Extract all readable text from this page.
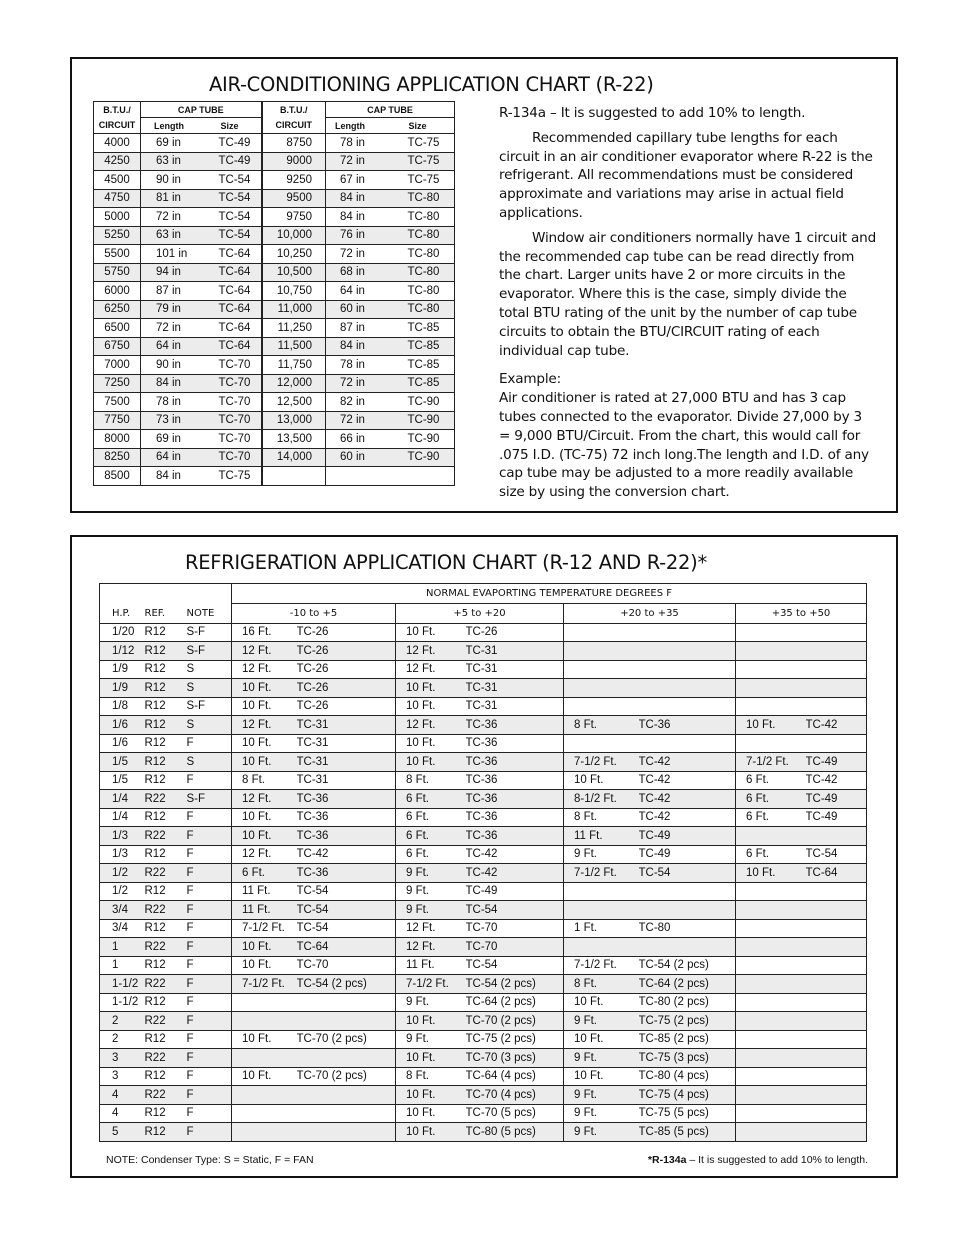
AIR-CONDITIONING APPLICATION CHART (R-22)
B.T.U./
CIRCUIT	CAP TUBE		B.T.U./
CIRCUIT	CAP TUBE	
	Length	Size		Length	Size
4000	69 in	TC-49	8750	78 in	TC-75
4250	63 in	TC-49	9000	72 in	TC-75
4500	90 in	TC-54	9250	67 in	TC-75
4750	81 in	TC-54	9500	84 in	TC-80
5000	72 in	TC-54	9750	84 in	TC-80
5250	63 in	TC-54	10,000	76 in	TC-80
5500	101 in	TC-64	10,250	72 in	TC-80
5750	94 in	TC-64	10,500	68 in	TC-80
6000	87 in	TC-64	10,750	64 in	TC-80
6250	79 in	TC-64	11,000	60 in	TC-80
6500	72 in	TC-64	11,250	87 in	TC-85
6750	64 in	TC-64	11,500	84 in	TC-85
7000	90 in	TC-70	11,750	78 in	TC-85
7250	84 in	TC-70	12,000	72 in	TC-85
7500	78 in	TC-70	12,500	82 in	TC-90
7750	73 in	TC-70	13,000	72 in	TC-90
8000	69 in	TC-70	13,500	66 in	TC-90
8250	64 in	TC-70	14,000	60 in	TC-90
8500	84 in	TC-75			

R-134a – It is suggested to add 10% to length.

Recommended capillary tube lengths for each circuit in an air conditioner evaporator where R-22 is the refrigerant. All recommendations must be considered approximate and variations may arise in actual field applications.

Window air conditioners normally have 1 circuit and the recommended cap tube can be read directly from the chart. Larger units have 2 or more circuits in the evaporator. Where this is the case, simply divide the total BTU rating of the unit by the number of cap tube circuits to obtain the BTU/CIRCUIT rating of each individual cap tube.

Example:
Air conditioner is rated at 27,000 BTU and has 3 cap tubes connected to the evaporator. Divide 27,000 by 3 = 9,000 BTU/Circuit. From the chart, this would call for .075 I.D. (TC-75) 72 inch long.The length and I.D. of any cap tube may be adjusted to a more readily available size by using the conversion chart.
REFRIGERATION APPLICATION CHART (R-12 AND R-22)*
			NORMAL EVAPORTING TEMPERATURE DEGREES F							
H.P.	REF.	NOTE	-10 to +5		+5 to +20		+20 to +35		+35 to +50	
1/20	R12	S-F	16 Ft.	TC-26	10 Ft.	TC-26				
1/12	R12	S-F	12 Ft.	TC-26	12 Ft.	TC-31				
1/9	R12	S	12 Ft.	TC-26	12 Ft.	TC-31				
1/9	R12	S	10 Ft.	TC-26	10 Ft.	TC-31				
1/8	R12	S-F	10 Ft.	TC-26	10 Ft.	TC-31				
1/6	R12	S	12 Ft.	TC-31	12 Ft.	TC-36	8 Ft.	TC-36	10 Ft.	TC-42
1/6	R12	F	10 Ft.	TC-31	10 Ft.	TC-36				
1/5	R12	S	10 Ft.	TC-31	10 Ft.	TC-36	7-1/2 Ft.	TC-42	7-1/2 Ft.	TC-49
1/5	R12	F	8 Ft.	TC-31	8 Ft.	TC-36	10 Ft.	TC-42	6 Ft.	TC-42
1/4	R22	S-F	12 Ft.	TC-36	6 Ft.	TC-36	8-1/2 Ft.	TC-42	6 Ft.	TC-49
1/4	R12	F	10 Ft.	TC-36	6 Ft.	TC-36	8 Ft.	TC-42	6 Ft.	TC-49
1/3	R22	F	10 Ft.	TC-36	6 Ft.	TC-36	11 Ft.	TC-49		
1/3	R12	F	12 Ft.	TC-42	6 Ft.	TC-42	9 Ft.	TC-49	6 Ft.	TC-54
1/2	R22	F	6 Ft.	TC-36	9 Ft.	TC-42	7-1/2 Ft.	TC-54	10 Ft.	TC-64
1/2	R12	F	11 Ft.	TC-54	9 Ft.	TC-49				
3/4	R22	F	11 Ft.	TC-54	9 Ft.	TC-54				
3/4	R12	F	7-1/2 Ft.	TC-54	12 Ft.	TC-70	1 Ft.	TC-80		
1	R22	F	10 Ft.	TC-64	12 Ft.	TC-70				
1	R12	F	10 Ft.	TC-70	11 Ft.	TC-54	7-1/2 Ft.	TC-54 (2 pcs)		
1-1/2	R22	F	7-1/2 Ft.	TC-54 (2 pcs)	7-1/2 Ft.	TC-54 (2 pcs)	8 Ft.	TC-64 (2 pcs)		
1-1/2	R12	F			9 Ft.	TC-64 (2 pcs)	10 Ft.	TC-80 (2 pcs)		
2	R22	F			10 Ft.	TC-70 (2 pcs)	9 Ft.	TC-75 (2 pcs)		
2	R12	F	10 Ft.	TC-70 (2 pcs)	9 Ft.	TC-75 (2 pcs)	10 Ft.	TC-85 (2 pcs)		
3	R22	F			10 Ft.	TC-70 (3 pcs)	9 Ft.	TC-75 (3 pcs)		
3	R12	F	10 Ft.	TC-70 (2 pcs)	8 Ft.	TC-64 (4 pcs)	10 Ft.	TC-80 (4 pcs)		
4	R22	F			10 Ft.	TC-70 (4 pcs)	9 Ft.	TC-75 (4 pcs)		
4	R12	F			10 Ft.	TC-70 (5 pcs)	9 Ft.	TC-75 (5 pcs)		
5	R12	F			10 Ft.	TC-80 (5 pcs)	9 Ft.	TC-85 (5 pcs)		
NOTE: Condenser Type: S = Static, F = FAN	*R-134a – It is suggested to add 10% to length.
